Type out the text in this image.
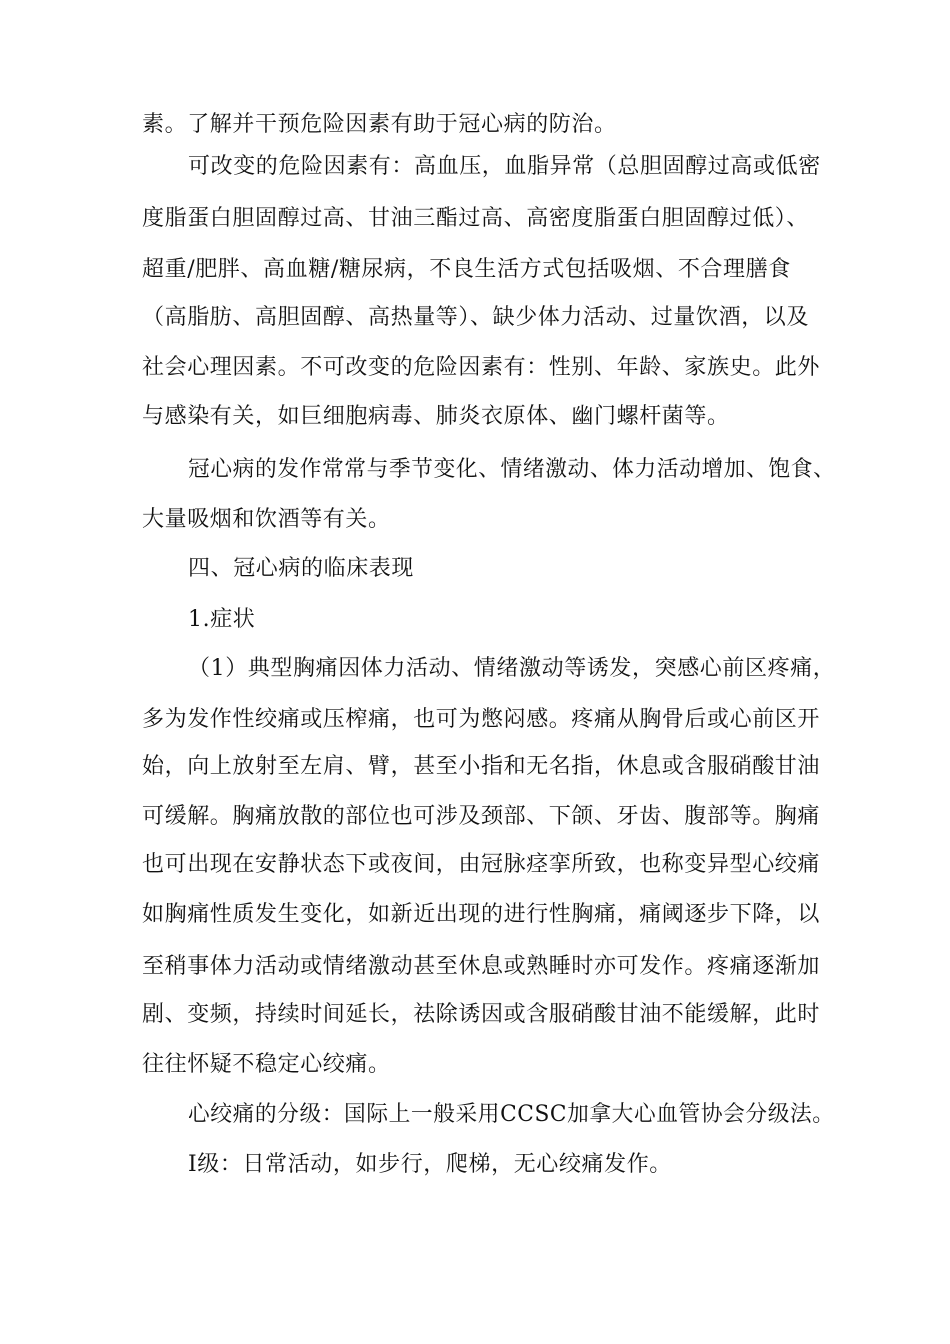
素。了解并干预危险因素有助于冠心病的防治。
可改变的危险因素有：高血压，血脂异常（总胆固醇过高或低密
度脂蛋白胆固醇过高、甘油三酯过高、高密度脂蛋白胆固醇过低）、
超重/肥胖、高血糖/糖尿病，不良生活方式包括吸烟、不合理膳食
（高脂肪、高胆固醇、高热量等）、缺少体力活动、过量饮酒，以及
社会心理因素。不可改变的危险因素有：性别、年龄、家族史。此外
与感染有关，如巨细胞病毒、肺炎衣原体、幽门螺杆菌等。
冠心病的发作常常与季节变化、情绪激动、体力活动增加、饱食、
大量吸烟和饮酒等有关。
四、冠心病的临床表现
1.症状
（1）典型胸痛因体力活动、情绪激动等诱发，突感心前区疼痛，
多为发作性绞痛或压榨痛，也可为憋闷感。疼痛从胸骨后或心前区开
始，向上放射至左肩、臂，甚至小指和无名指，休息或含服硝酸甘油
可缓解。胸痛放散的部位也可涉及颈部、下颌、牙齿、腹部等。胸痛
也可出现在安静状态下或夜间，由冠脉痉挛所致，也称变异型心绞痛
如胸痛性质发生变化，如新近出现的进行性胸痛，痛阈逐步下降，以
至稍事体力活动或情绪激动甚至休息或熟睡时亦可发作。疼痛逐渐加
剧、变频，持续时间延长，祛除诱因或含服硝酸甘油不能缓解，此时
往往怀疑不稳定心绞痛。
心绞痛的分级：国际上一般采用CCSC加拿大心血管协会分级法。
Ⅰ级：日常活动，如步行，爬梯，无心绞痛发作。
